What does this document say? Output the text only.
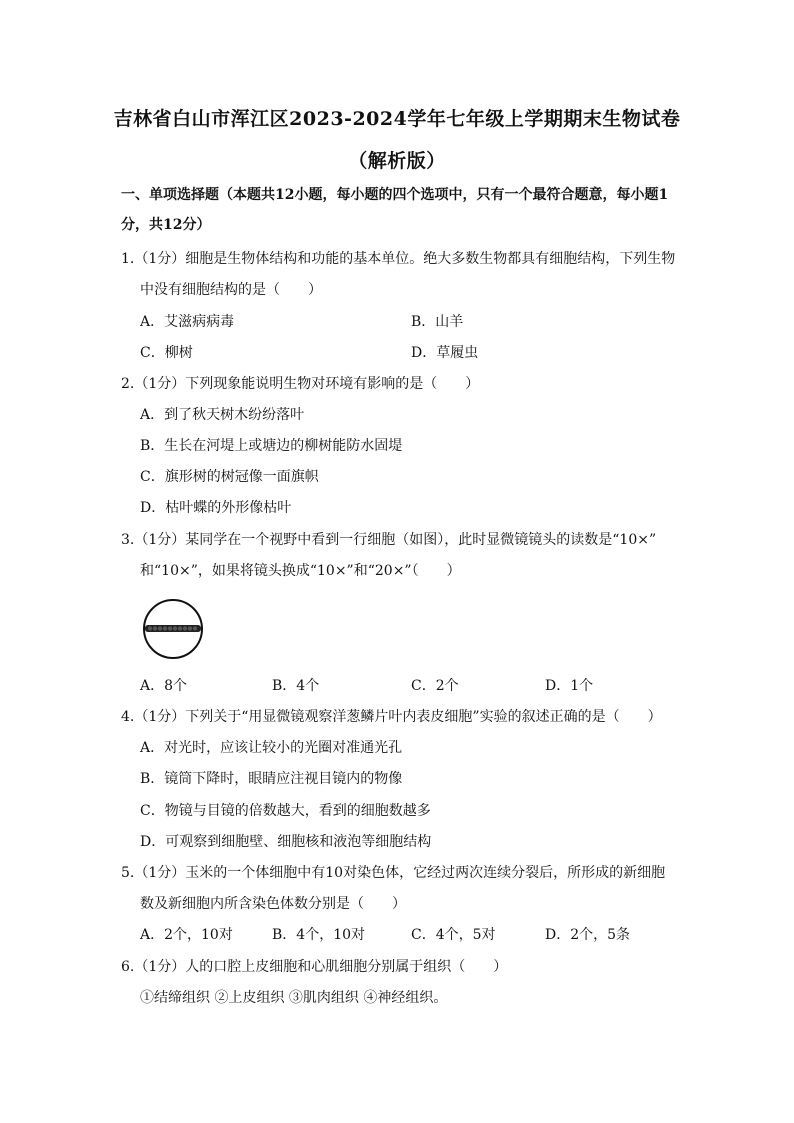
吉林省白山市浑江区2023-2024学年七年级上学期期末生物试卷
（解析版）
一、单项选择题（本题共12小题，每小题的四个选项中，只有一个最符合题意，每小题1分，共12分）
1.（1分）细胞是生物体结构和功能的基本单位。绝大多数生物都具有细胞结构，下列生物
中没有细胞结构的是（　　）
A．艾滋病病毒	B．山羊
C．柳树	D．草履虫
2.（1分）下列现象能说明生物对环境有影响的是（　　）
A．到了秋天树木纷纷落叶
B．生长在河堤上或塘边的柳树能防水固堤
C．旗形树的树冠像一面旗帜
D．枯叶蝶的外形像枯叶
3.（1分）某同学在一个视野中看到一行细胞（如图），此时显微镜镜头的读数是“10×”
和“10×”，如果将镜头换成“10×”和“20×”（　　）
A．8个	B．4个	C．2个	D．1个
4.（1分）下列关于“用显微镜观察洋葱鳞片叶内表皮细胞”实验的叙述正确的是（　　）
A．对光时，应该让较小的光圈对准通光孔
B．镜筒下降时，眼睛应注视目镜内的物像
C．物镜与目镜的倍数越大，看到的细胞数越多
D．可观察到细胞壁、细胞核和液泡等细胞结构
5.（1分）玉米的一个体细胞中有10对染色体，它经过两次连续分裂后，所形成的新细胞
数及新细胞内所含染色体数分别是（　　）
A．2个，10对	B．4个，10对	C．4个，5对	D．2个，5条
6.（1分）人的口腔上皮细胞和心肌细胞分别属于组织（　　）
①结缔组织 ②上皮组织 ③肌肉组织 ④神经组织。
